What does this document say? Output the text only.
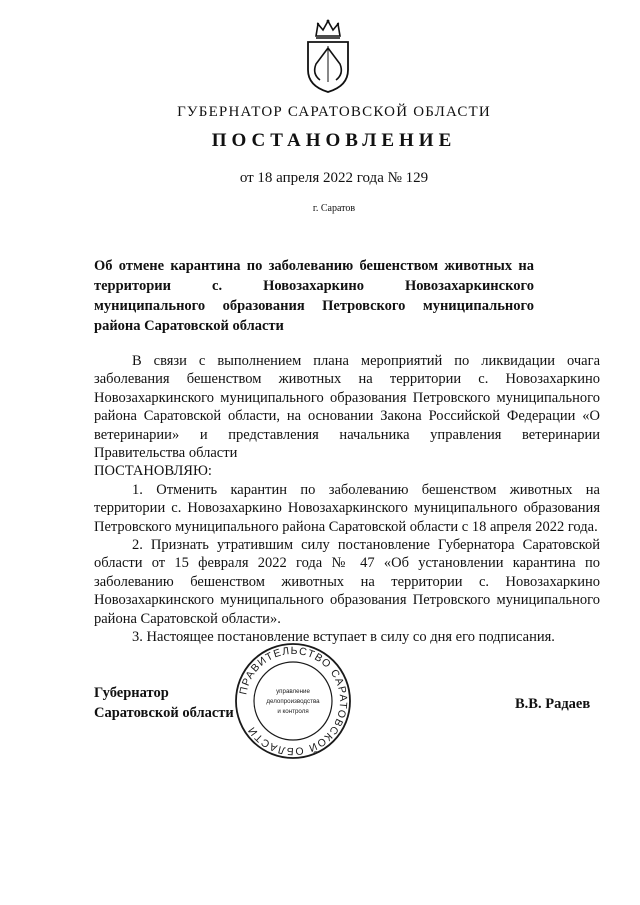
ГУБЕРНАТОР САРАТОВСКОЙ ОБЛАСТИ
ПОСТАНОВЛЕНИЕ
от 18 апреля 2022 года № 129
г. Саратов
Об отмене карантина по заболеванию бешенством животных на территории с. Новозахаркино Новозахаркинского муниципального образования Петровского муниципального района Саратовской области

В связи с выполнением плана мероприятий по ликвидации очага заболевания бешенством животных на территории с. Новозахаркино Новозахаркинского муниципального образования Петровского муниципального района Саратовской области, на основании Закона Российской Федерации «О ветеринарии» и представления начальника управления ветеринарии Правительства области

ПОСТАНОВЛЯЮ:

1. Отменить карантин по заболеванию бешенством животных на территории с. Новозахаркино Новозахаркинского муниципального образования Петровского муниципального района Саратовской области с 18 апреля 2022 года.

2. Признать утратившим силу постановление Губернатора Саратовской области от 15 февраля 2022 года № 47 «Об установлении карантина по заболеванию бешенством животных на территории с. Новозахаркино Новозахаркинского муниципального образования Петровского муниципального района Саратовской области».

3. Настоящее постановление вступает в силу со дня его подписания.

Губернатор
Саратовской области
В.В. Радаев
ПРАВИТЕЛЬСТВО САРАТОВСКОЙ ОБЛАСТИ
управление
делопроизводства
и контроля
